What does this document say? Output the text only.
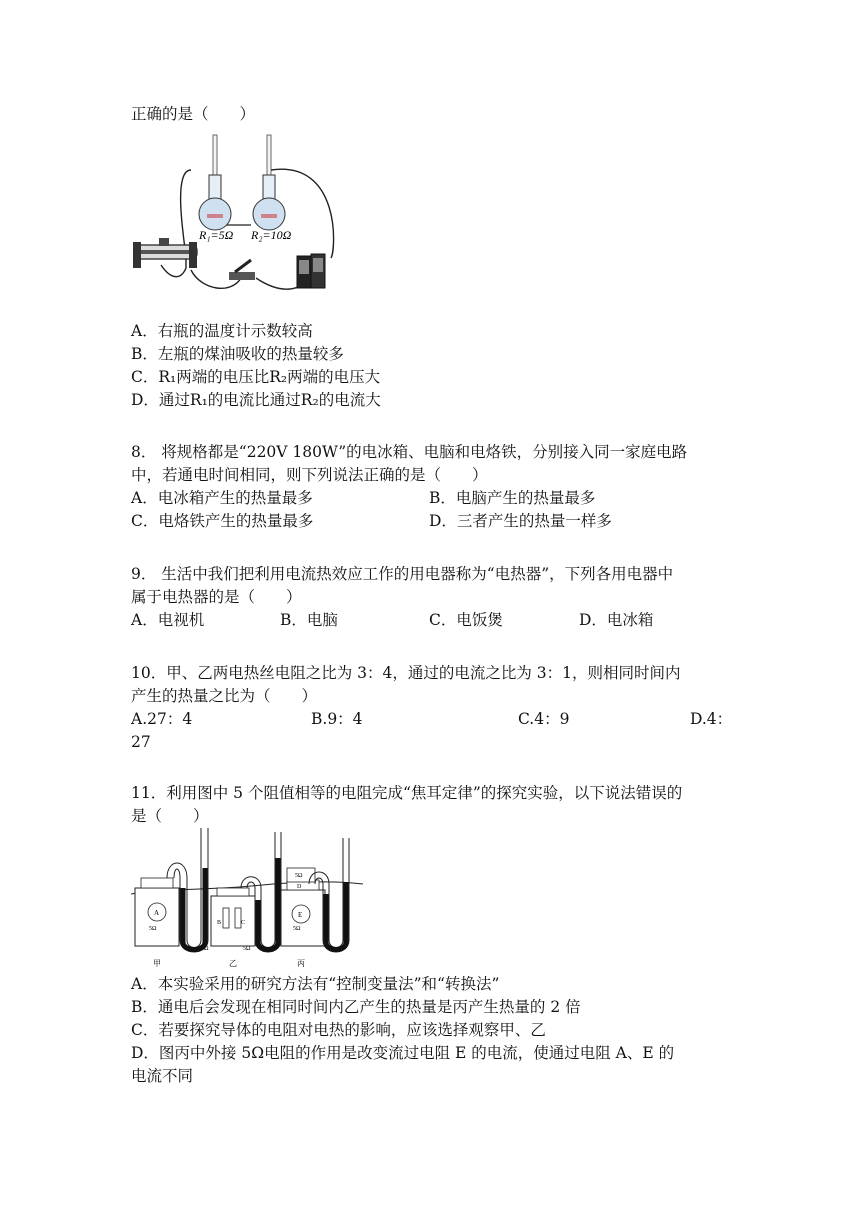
正确的是（　　）
R₁=5Ω R₂=10Ω
A．右瓶的温度计示数较高
B．左瓶的煤油吸收的热量较多
C．R₁两端的电压比R₂两端的电压大
D．通过R₁的电流比通过R₂的电流大
8． 将规格都是“220V 180W”的电冰箱、电脑和电烙铁，分别接入同一家庭电路
中，若通电时间相同，则下列说法正确的是（　　）
A．电冰箱产生的热量最多	B．电脑产生的热量最多
C．电烙铁产生的热量最多	D．三者产生的热量一样多
9． 生活中我们把利用电流热效应工作的用电器称为“电热器”，下列各用电器中
属于电热器的是（　　）
A．电视机	B．电脑	C．电饭煲	D．电冰箱
10．甲、乙两电热丝电阻之比为 3：4，通过的电流之比为 3：1，则相同时间内
产生的热量之比为（　　）
A.27：4	B.9：4	C.4：9	D.4：
27
11．利用图中 5 个阻值相等的电阻完成“焦耳定律”的探究实验，以下说法错误的
是（　　）
A
5Ω
B	C
5Ω	5Ω
5Ω
D
E
5Ω
甲	乙	丙
A．本实验采用的研究方法有“控制变量法”和“转换法”
B．通电后会发现在相同时间内乙产生的热量是丙产生热量的 2 倍
C．若要探究导体的电阻对电热的影响，应该选择观察甲、乙
D．图丙中外接 5Ω电阻的作用是改变流过电阻 E 的电流，使通过电阻 A、E 的
电流不同
